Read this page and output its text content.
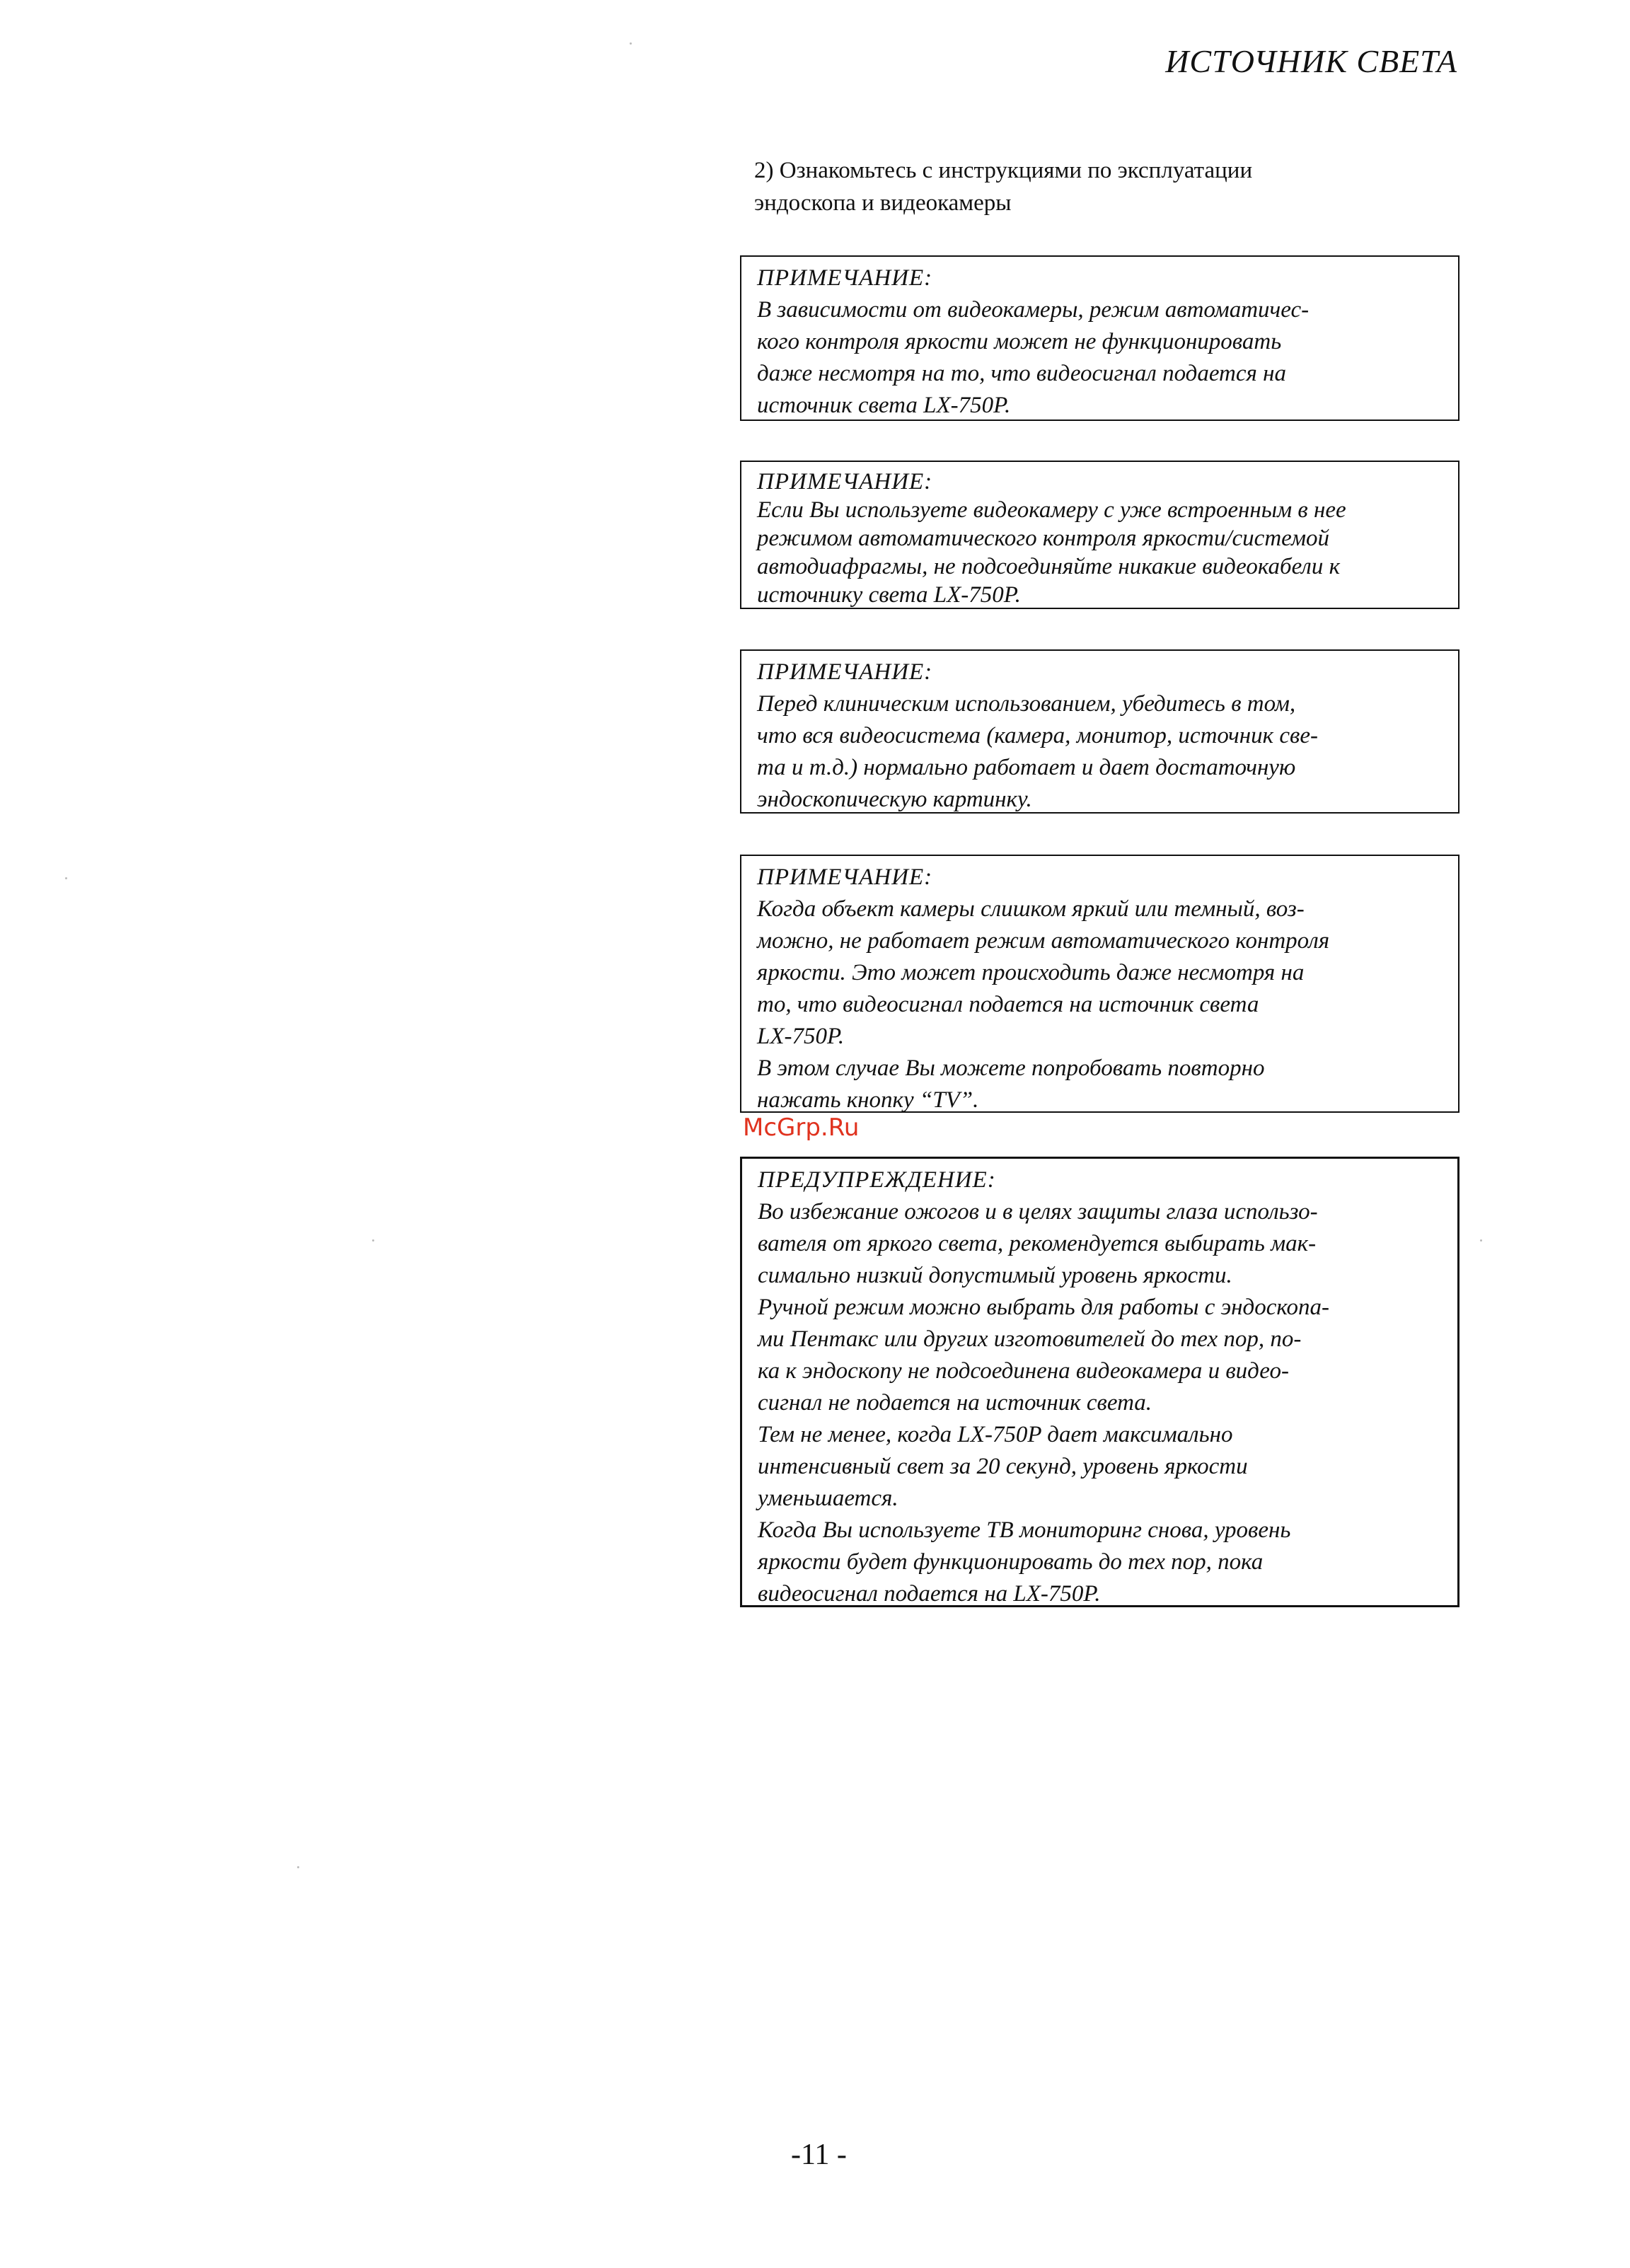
ИСТОЧНИК СВЕТА
2) Ознакомьтесь с инструкциями по эксплуатации
эндоскопа и видеокамеры
ПРИМЕЧАНИЕ:
В зависимости от видеокамеры, режим автоматичес-
кого контроля яркости может не функционировать
даже несмотря на то, что видеосигнал подается на
источник света LX-750P.
ПРИМЕЧАНИЕ:
Если Вы используете видеокамеру с уже встроенным в нее
режимом автоматического контроля яркости/системой
автодиафрагмы, не подсоединяйте никакие видеокабели к
источнику света LX-750P.
ПРИМЕЧАНИЕ:
Перед клиническим использованием, убедитесь в том,
что вся видеосистема (камера, монитор, источник све-
та и т.д.) нормально работает и дает достаточную
эндоскопическую картинку.
ПРИМЕЧАНИЕ:
Когда объект камеры слишком яркий или темный, воз-
можно, не работает режим автоматического контроля
яркости. Это может происходить даже несмотря на
то, что видеосигнал подается на источник света
LX-750P.
В этом случае Вы можете попробовать повторно
нажать кнопку “TV”.
McGrp.Ru
ПРЕДУПРЕЖДЕНИЕ:
Во избежание ожогов и в целях защиты глаза использо-
вателя от яркого света, рекомендуется выбирать мак-
симально низкий допустимый уровень яркости.
Ручной режим можно выбрать для работы с эндоскопа-
ми Пентакс или других изготовителей до тех пор, по-
ка к эндоскопу не подсоединена видеокамера и видео-
сигнал не подается на источник света.
Тем не менее, когда LX-750P дает максимально
интенсивный свет за 20 секунд, уровень яркости
уменьшается.
Когда Вы используете ТВ мониторинг снова, уровень
яркости будет функционировать до тех пор, пока
видеосигнал подается на LX-750P.
-11 -
